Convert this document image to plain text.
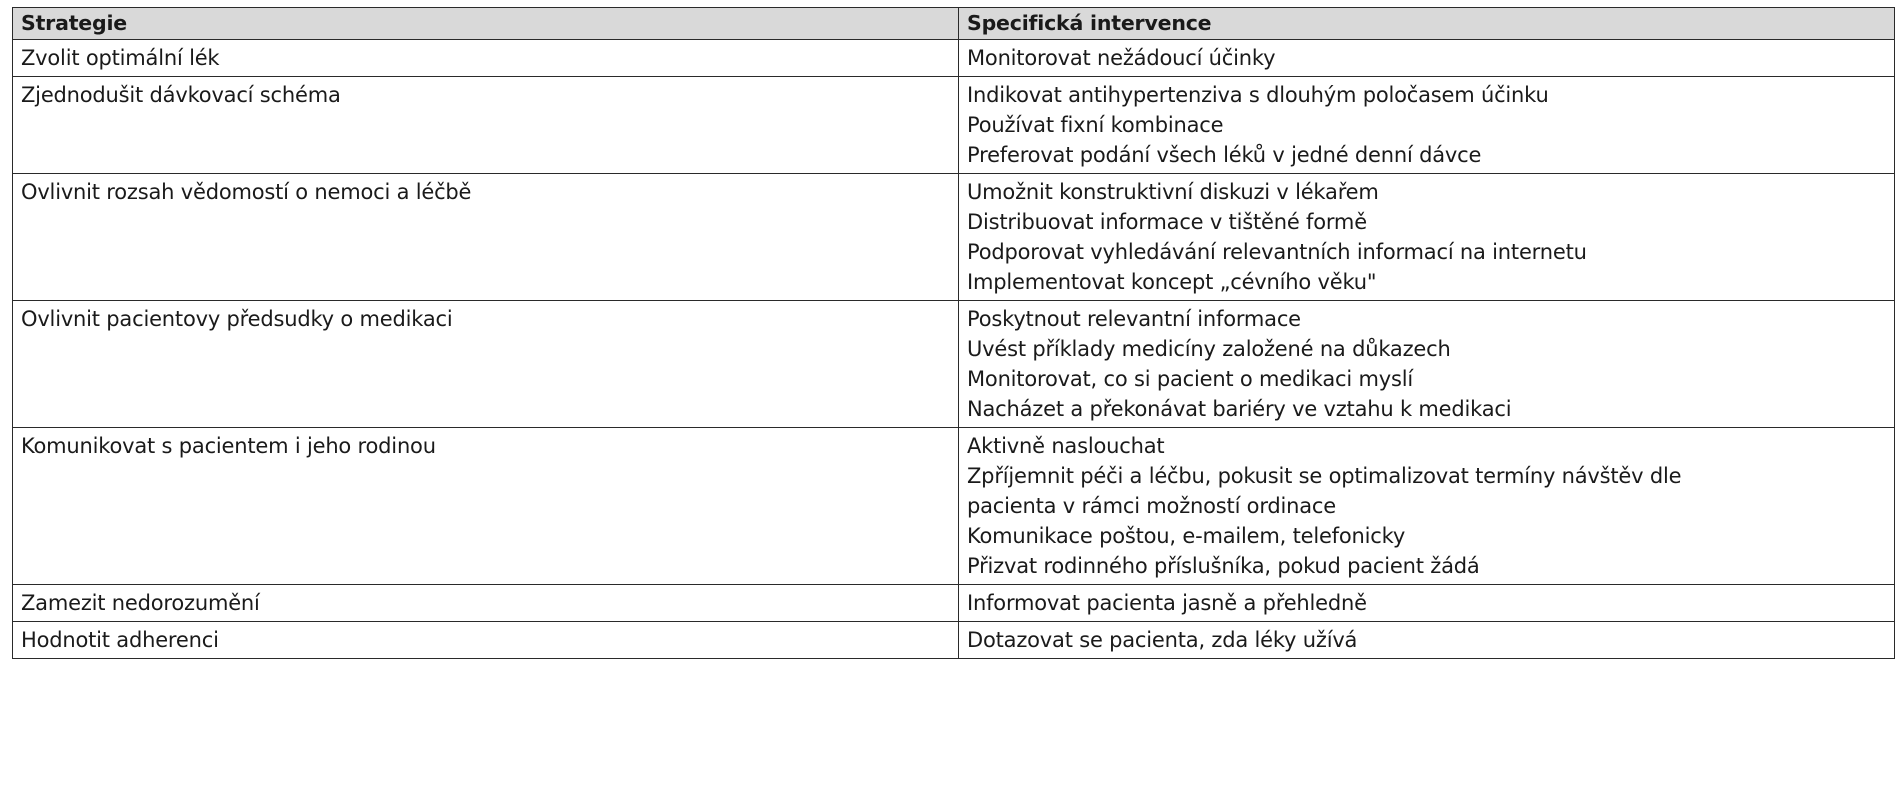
Strategie	Specifická intervence

Zvolit optimální lék	Monitorovat nežádoucí účinky

Zjednodušit dávkovací schéma	Indikovat antihypertenziva s dlouhým poločasem účinku
Používat fixní kombinace
Preferovat podání všech léků v jedné denní dávce

Ovlivnit rozsah vědomostí o nemoci a léčbě	Umožnit konstruktivní diskuzi v lékařem
Distribuovat informace v tištěné formě
Podporovat vyhledávání relevantních informací na internetu
Implementovat koncept „cévního věku"

Ovlivnit pacientovy předsudky o medikaci	Poskytnout relevantní informace
Uvést příklady medicíny založené na důkazech
Monitorovat, co si pacient o medikaci myslí
Nacházet a překonávat bariéry ve vztahu k medikaci

Komunikovat s pacientem i jeho rodinou	Aktivně naslouchat
Zpříjemnit péči a léčbu, pokusit se optimalizovat termíny návštěv dle
pacienta v rámci možností ordinace
Komunikace poštou, e-mailem, telefonicky
Přizvat rodinného příslušníka, pokud pacient žádá

Zamezit nedorozumění	Informovat pacienta jasně a přehledně

Hodnotit adherenci	Dotazovat se pacienta, zda léky užívá
